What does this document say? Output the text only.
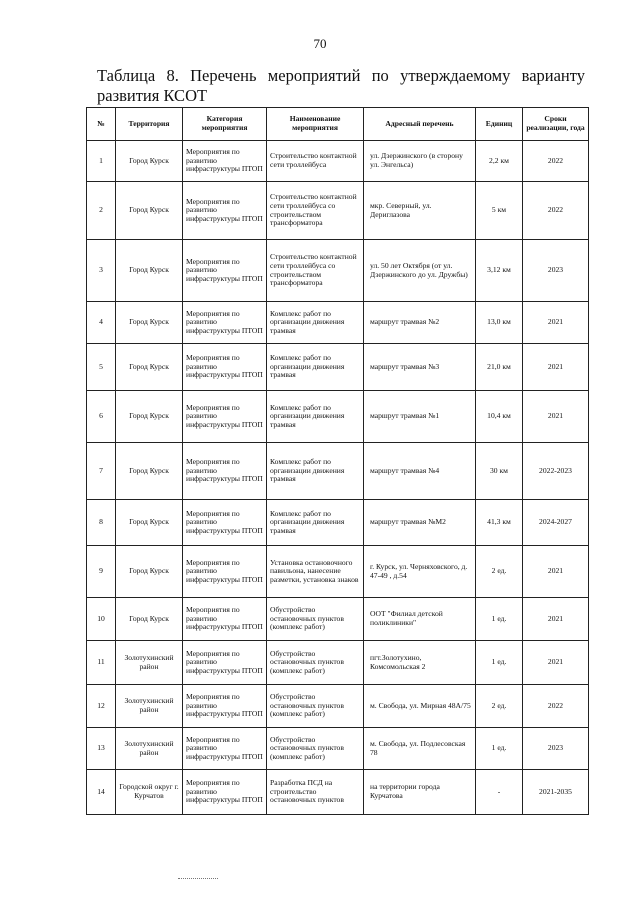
70
Таблица 8. Перечень мероприятий по утверждаемому варианту развития КСОТ
№	Территория	Категория мероприятия	Наименование мероприятия	Адресный перечень	Единиц	Сроки реализации, года
1	Город Курск	Мероприятия по развитию инфраструктуры ПТОП	Строительство контактной сети троллейбуса	ул. Дзержинского (в сторону ул. Энгельса)	2,2 км	2022
2	Город Курск	Мероприятия по развитию инфраструктуры ПТОП	Строительство контактной сети троллейбуса со строительством трансформатора	мкр. Северный, ул. Дериглазова	5 км	2022
3	Город Курск	Мероприятия по развитию инфраструктуры ПТОП	Строительство контактной сети троллейбуса со строительством трансформатора	ул. 50 лет Октября (от ул. Дзержинского до ул. Дружбы)	3,12 км	2023
4	Город Курск	Мероприятия по развитию инфраструктуры ПТОП	Комплекс работ по организации движения трамвая	маршрут трамвая №2	13,0 км	2021
5	Город Курск	Мероприятия по развитию инфраструктуры ПТОП	Комплекс работ по организации движения трамвая	маршрут трамвая №3	21,0 км	2021
6	Город Курск	Мероприятия по развитию инфраструктуры ПТОП	Комплекс работ по организации движения трамвая	маршрут трамвая №1	10,4 км	2021
7	Город Курск	Мероприятия по развитию инфраструктуры ПТОП	Комплекс работ по организации движения трамвая	маршрут трамвая №4	30 км	2022-2023
8	Город Курск	Мероприятия по развитию инфраструктуры ПТОП	Комплекс работ по организации движения трамвая	маршрут трамвая №М2	41,3 км	2024-2027
9	Город Курск	Мероприятия по развитию инфраструктуры ПТОП	Установка остановочного павильона, нанесение разметки, установка знаков	г. Курск, ул. Черняховского, д. 47-49 , д.54	2 ед.	2021
10	Город Курск	Мероприятия по развитию инфраструктуры ПТОП	Обустройство остановочных пунктов (комплекс работ)	ООТ "Филиал детской поликлиники"	1 ед.	2021
11	Золотухинский район	Мероприятия по развитию инфраструктуры ПТОП	Обустройство остановочных пунктов (комплекс работ)	пгт.Золотухино, Комсомольская 2	1 ед.	2021
12	Золотухинский район	Мероприятия по развитию инфраструктуры ПТОП	Обустройство остановочных пунктов (комплекс работ)	м. Свобода, ул. Мирная 48А/75	2 ед.	2022
13	Золотухинский район	Мероприятия по развитию инфраструктуры ПТОП	Обустройство остановочных пунктов (комплекс работ)	м. Свобода, ул. Подлесовская 78	1 ед.	2023
14	Городской округ г. Курчатов	Мероприятия по развитию инфраструктуры ПТОП	Разработка ПСД на строительство остановочных пунктов	на территории города Курчатова	-	2021-2035
